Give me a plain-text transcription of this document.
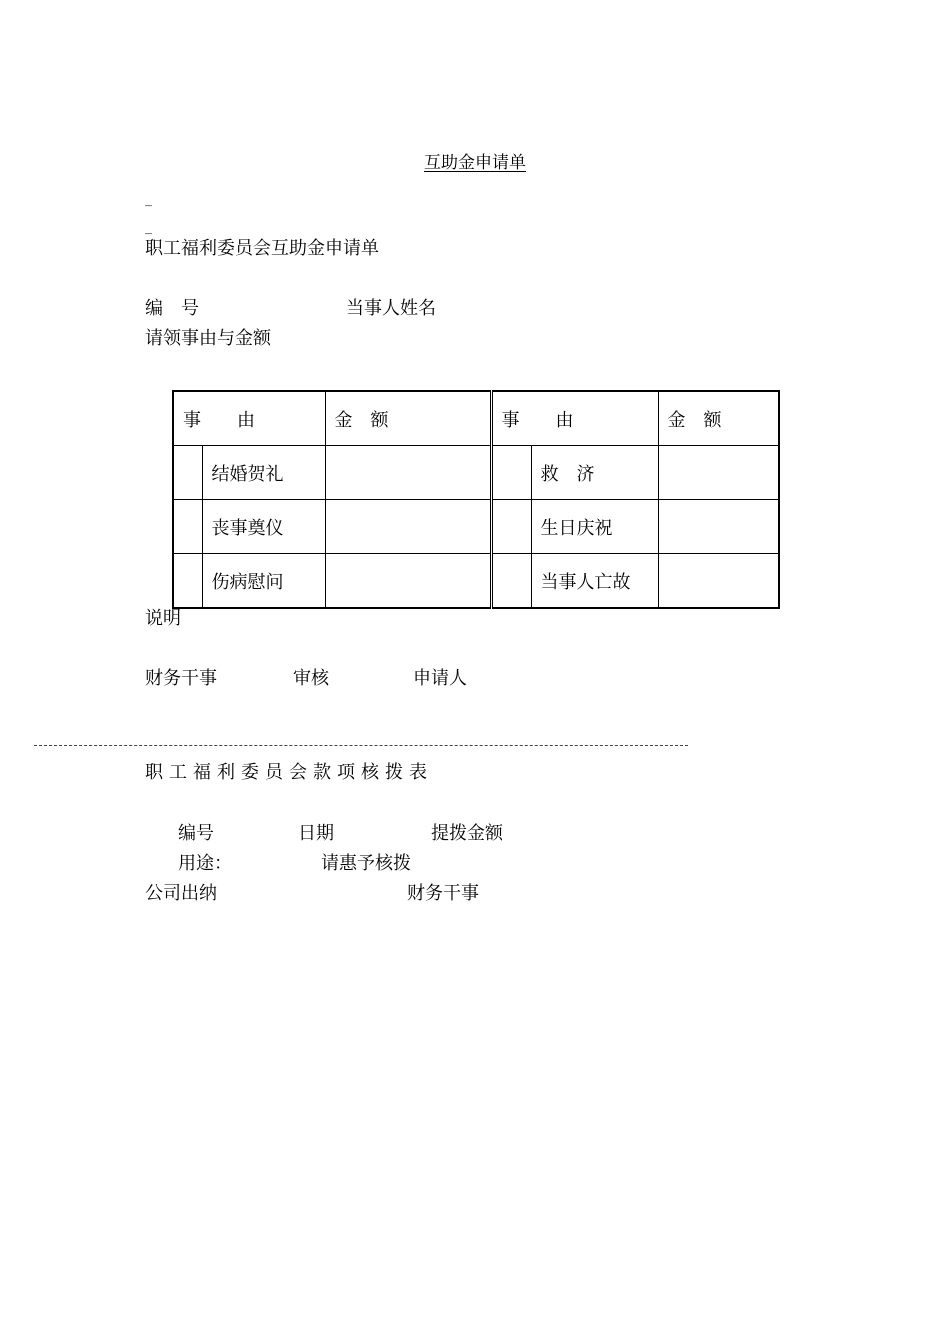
互助金申请单
_
_
职工福利委员会互助金申请单
编　号	当事人姓名
请领事由与金额
事　　由		金　额	事　　由		金　额
	结婚贺礼			救　济	
	丧事奠仪			生日庆祝	
	伤病慰问			当事人亡故	
说明
财务干事	审核	申请人
职工福利委员会款项核拨表
编号	日期	提拨金额
用途：	请惠予核拨
公司出纳	财务干事
